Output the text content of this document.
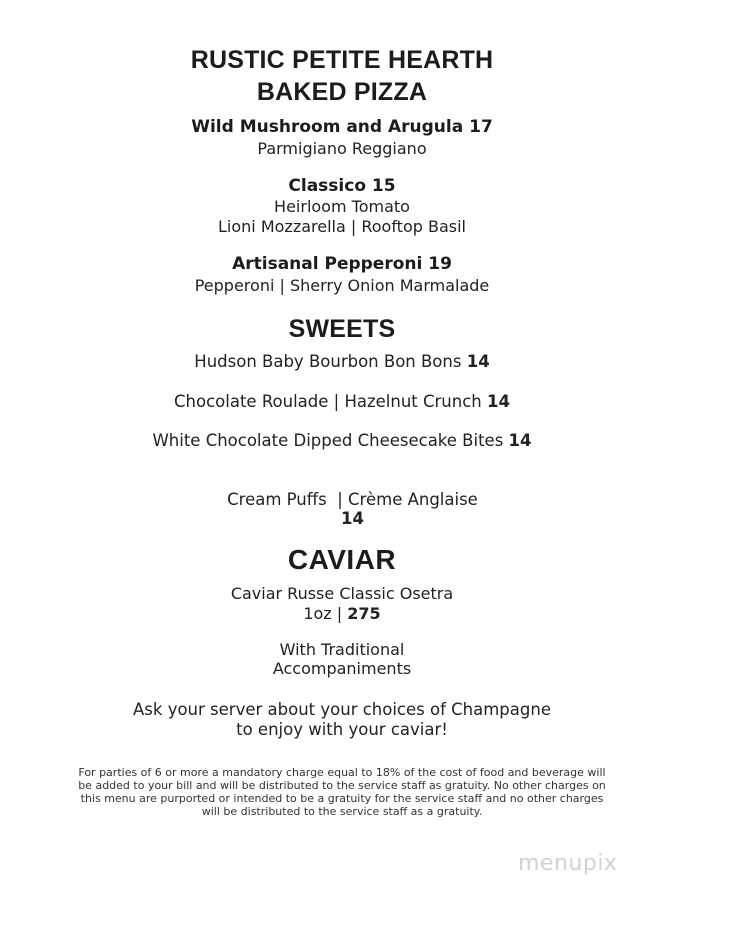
RUSTIC PETITE HEARTH
BAKED PIZZA
Wild Mushroom and Arugula 17
Parmigiano Reggiano
Classico 15
Heirloom Tomato
Lioni Mozzarella | Rooftop Basil
Artisanal Pepperoni 19
Pepperoni | Sherry Onion Marmalade
SWEETS
Hudson Baby Bourbon Bon Bons 14
Chocolate Roulade | Hazelnut Crunch 14
White Chocolate Dipped Cheesecake Bites 14

Cream Puffs  | Crème Anglaise
14

CAVIAR
Caviar Russe Classic Osetra
1oz | 275
With Traditional
Accompaniments
Ask your server about your choices of Champagne
to enjoy with your caviar!
For parties of 6 or more a mandatory charge equal to 18% of the cost of food and beverage will
be added to your bill and will be distributed to the service staff as gratuity. No other charges on
this menu are purported or intended to be a gratuity for the service staff and no other charges
will be distributed to the service staff as a gratuity.
menupix
